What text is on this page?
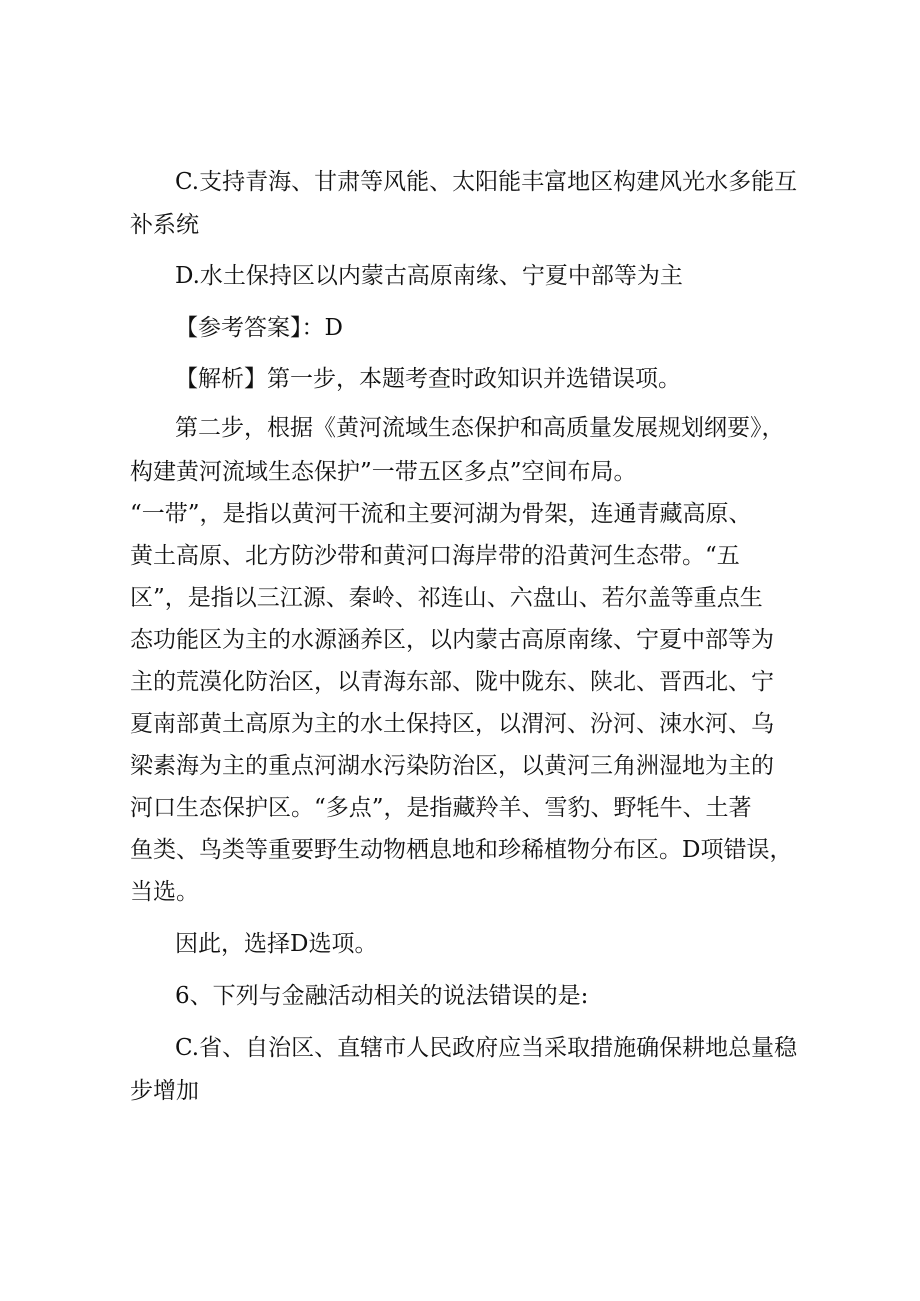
C.支持青海、甘肃等风能、太阳能丰富地区构建风光水多能互
补系统
D.水土保持区以内蒙古高原南缘、宁夏中部等为主
【参考答案】：D
【解析】第一步，本题考查时政知识并选错误项。
第二步，根据《黄河流域生态保护和高质量发展规划纲要》，
构建黄河流域生态保护”一带五区多点”空间布局。
“一带”，是指以黄河干流和主要河湖为骨架，连通青藏高原、
黄土高原、北方防沙带和黄河口海岸带的沿黄河生态带。“五
区”，是指以三江源、秦岭、祁连山、六盘山、若尔盖等重点生
态功能区为主的水源涵养区，以内蒙古高原南缘、宁夏中部等为
主的荒漠化防治区，以青海东部、陇中陇东、陕北、晋西北、宁
夏南部黄土高原为主的水土保持区，以渭河、汾河、涑水河、乌
梁素海为主的重点河湖水污染防治区，以黄河三角洲湿地为主的
河口生态保护区。“多点”，是指藏羚羊、雪豹、野牦牛、土著
鱼类、鸟类等重要野生动物栖息地和珍稀植物分布区。D项错误，
当选。
因此，选择D选项。
6、下列与金融活动相关的说法错误的是:
C.省、自治区、直辖市人民政府应当采取措施确保耕地总量稳
步增加
